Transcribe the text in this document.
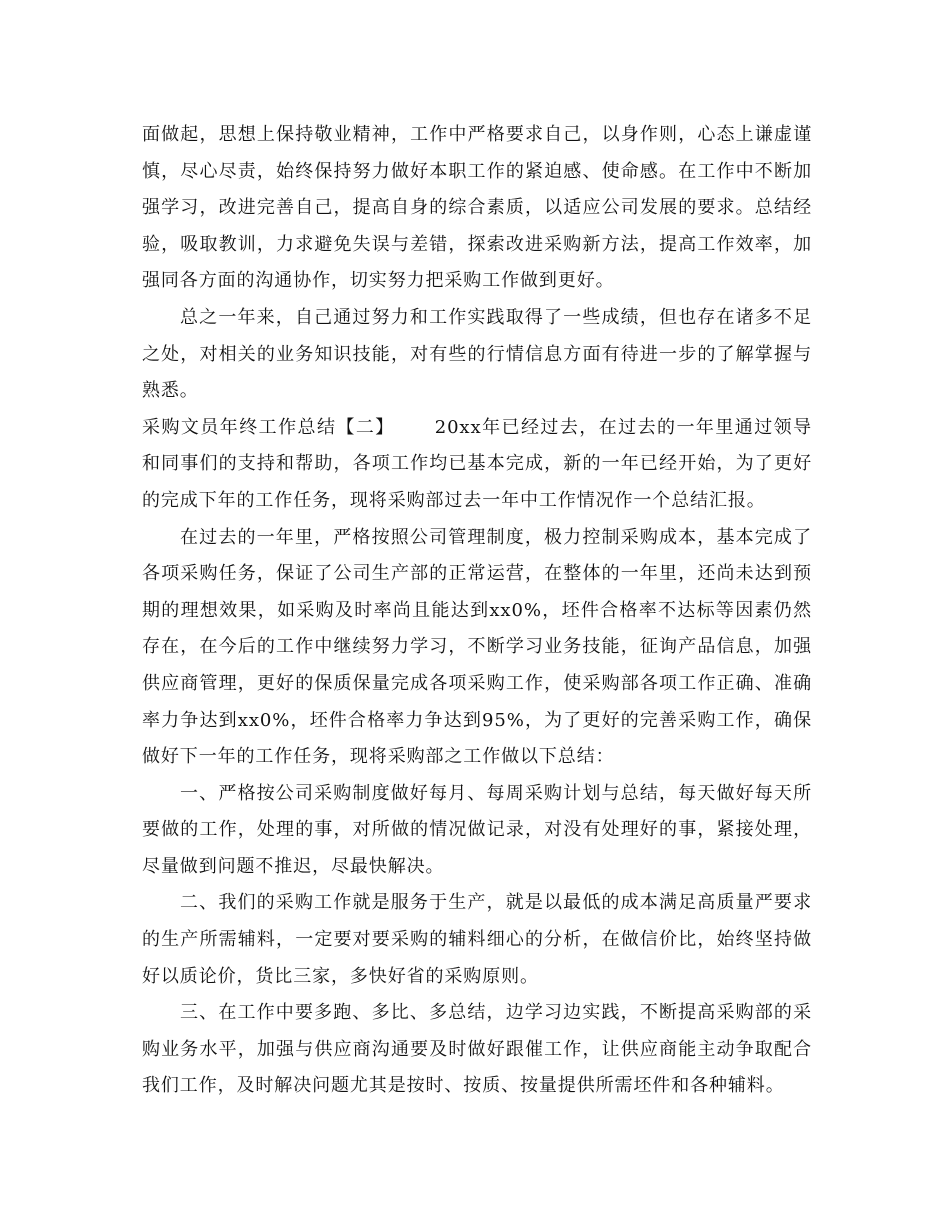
面做起，思想上保持敬业精神，工作中严格要求自己，以身作则，心态上谦虚谨慎，尽心尽责，始终保持努力做好本职工作的紧迫感、使命感。在工作中不断加强学习，改进完善自己，提高自身的综合素质，以适应公司发展的要求。总结经验，吸取教训，力求避免失误与差错，探索改进采购新方法，提高工作效率，加强同各方面的沟通协作，切实努力把采购工作做到更好。

总之一年来，自己通过努力和工作实践取得了一些成绩，但也存在诸多不足之处，对相关的业务知识技能，对有些的行情信息方面有待进一步的了解掌握与熟悉。

采购文员年终工作总结【二】 20xx年已经过去，在过去的一年里通过领导和同事们的支持和帮助，各项工作均已基本完成，新的一年已经开始，为了更好的完成下年的工作任务，现将采购部过去一年中工作情况作一个总结汇报。

在过去的一年里，严格按照公司管理制度，极力控制采购成本，基本完成了各项采购任务，保证了公司生产部的正常运营，在整体的一年里，还尚未达到预期的理想效果，如采购及时率尚且能达到xx0%，坯件合格率不达标等因素仍然存在，在今后的工作中继续努力学习，不断学习业务技能，征询产品信息，加强供应商管理，更好的保质保量完成各项采购工作，使采购部各项工作正确、准确率力争达到xx0%，坯件合格率力争达到95%，为了更好的完善采购工作，确保做好下一年的工作任务，现将采购部之工作做以下总结：

一、严格按公司采购制度做好每月、每周采购计划与总结，每天做好每天所要做的工作，处理的事，对所做的情况做记录，对没有处理好的事，紧接处理，尽量做到问题不推迟，尽最快解决。

二、我们的采购工作就是服务于生产，就是以最低的成本满足高质量严要求的生产所需辅料，一定要对要采购的辅料细心的分析，在做信价比，始终坚持做好以质论价，货比三家，多快好省的采购原则。

三、在工作中要多跑、多比、多总结，边学习边实践，不断提高采购部的采购业务水平，加强与供应商沟通要及时做好跟催工作，让供应商能主动争取配合我们工作，及时解决问题尤其是按时、按质、按量提供所需坯件和各种辅料。
